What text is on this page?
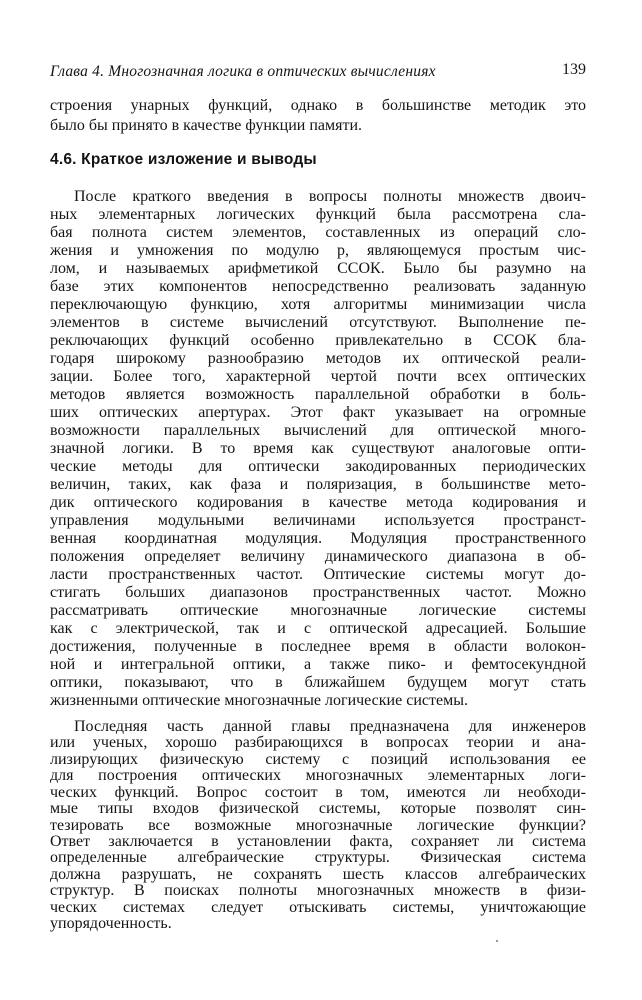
Глава 4. Многозначная логика в оптических вычислениях	139
строения унарных функций, однако в большинстве методик это
было бы принято в качестве функции памяти.
4.6. Краткое изложение и выводы
После краткого введения в вопросы полноты множеств двоич-
ных элементарных логических функций была рассмотрена сла-
бая полнота систем элементов, составленных из операций сло-
жения и умножения по модулю p, являющемуся простым чис-
лом, и называемых арифметикой СCОК. Было бы разумно на
базе этих компонентов непосредственно реализовать заданную
переключающую функцию, хотя алгоритмы минимизации числа
элементов в системе вычислений отсутствуют. Выполнение пе-
реключающих функций особенно привлекательно в СCОК бла-
годаря широкому разнообразию методов их оптической реали-
зации. Более того, характерной чертой почти всех оптических
методов является возможность параллельной обработки в боль-
ших оптических апертурах. Этот факт указывает на огромные
возможности параллельных вычислений для оптической много-
значной логики. В то время как существуют аналоговые опти-
ческие методы для оптически закодированных периодических
величин, таких, как фаза и поляризация, в большинстве мето-
дик оптического кодирования в качестве метода кодирования и
управления модульными величинами используется пространст-
венная координатная модуляция. Модуляция пространственного
положения определяет величину динамического диапазона в об-
ласти пространственных частот. Оптические системы могут до-
стигать больших диапазонов пространственных частот. Можно
рассматривать оптические многозначные логические системы
как с электрической, так и с оптической адресацией. Большие
достижения, полученные в последнее время в области волокон-
ной и интегральной оптики, а также пико- и фемтосекундной
оптики, показывают, что в ближайшем будущем могут стать
жизненными оптические многозначные логические системы.
Последняя часть данной главы предназначена для инженеров
или ученых, хорошо разбирающихся в вопросах теории и ана-
лизирующих физическую систему с позиций использования ее
для построения оптических многозначных элементарных логи-
ческих функций. Вопрос состоит в том, имеются ли необходи-
мые типы входов физической системы, которые позволят син-
тезировать все возможные многозначные логические функции?
Ответ заключается в установлении факта, сохраняет ли система
определенные алгебраические структуры. Физическая система
должна разрушать, не сохранять шесть классов алгебраических
структур. В поисках полноты многозначных множеств в физи-
ческих системах следует отыскивать системы, уничтожающие
упорядоченность.
